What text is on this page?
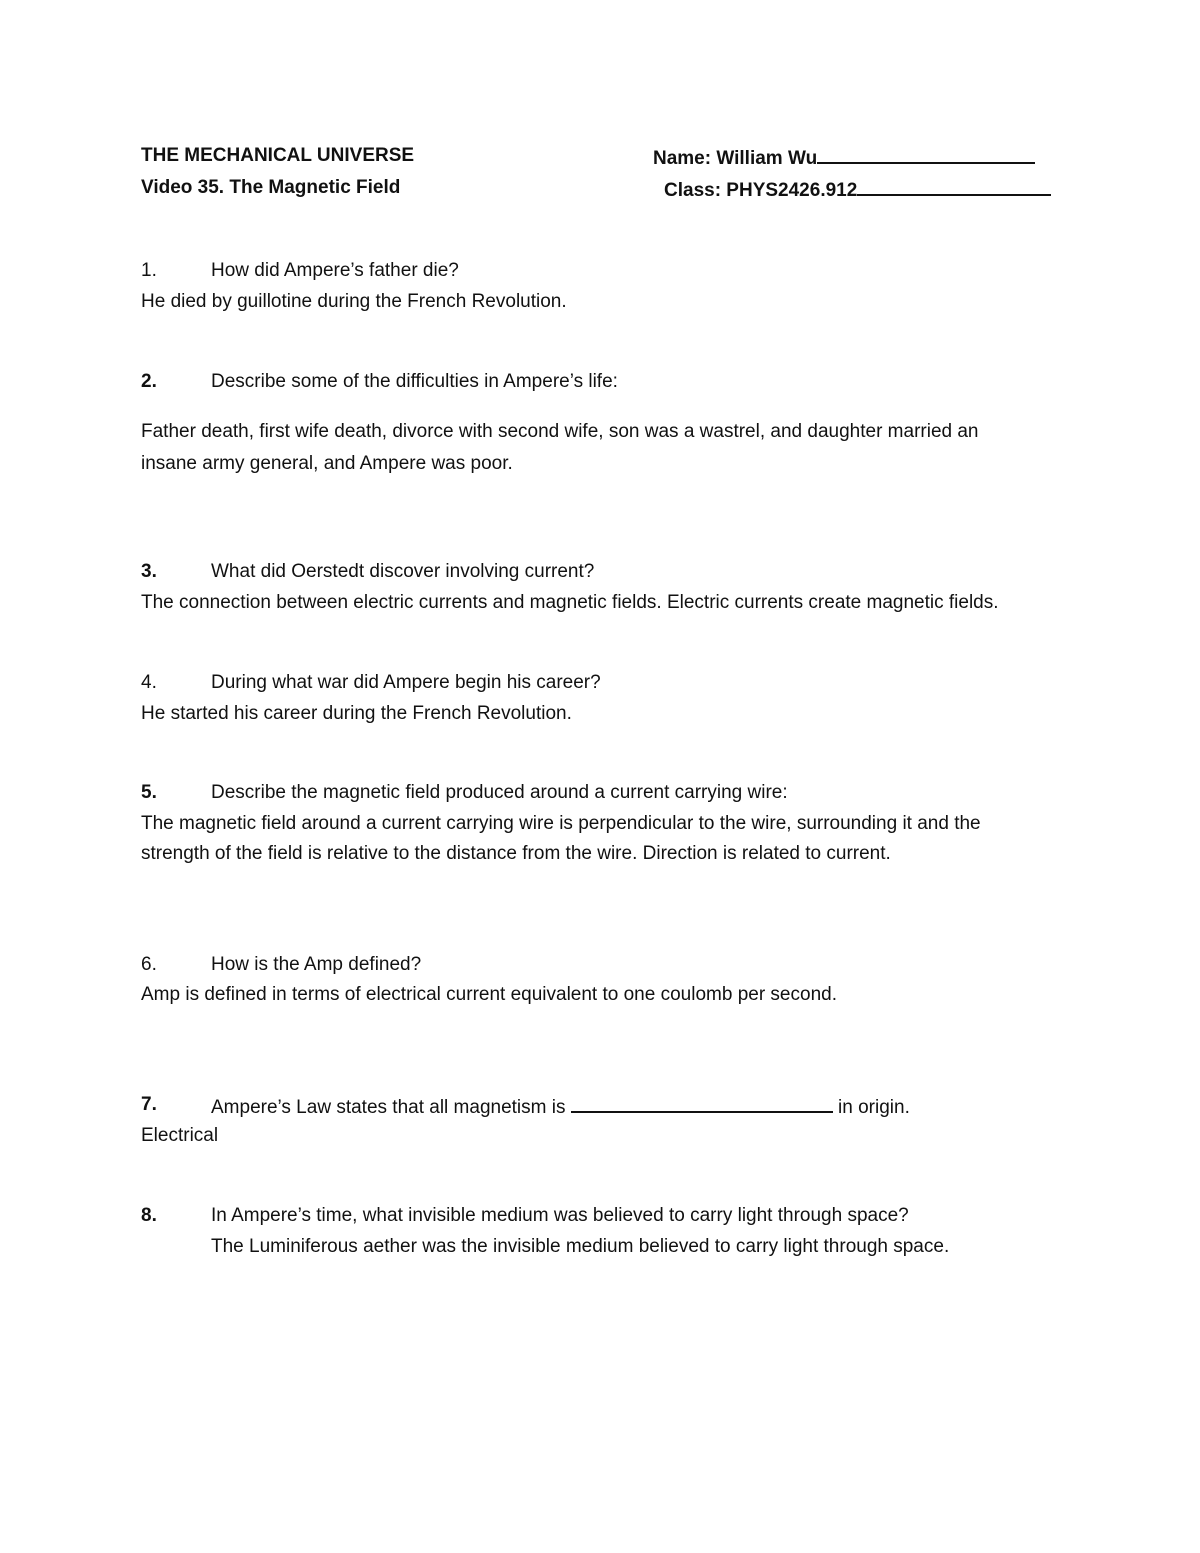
THE MECHANICAL UNIVERSE
Video 35. The Magnetic Field
Name: William Wu
Class: PHYS2426.912
1.	How did Ampere’s father die?
He died by guillotine during the French Revolution.
2.	Describe some of the difficulties in Ampere’s life:
Father death, first wife death, divorce with second wife, son was a wastrel, and daughter married an
insane army general, and Ampere was poor.
3.	What did Oerstedt discover involving current?
The connection between electric currents and magnetic fields. Electric currents create magnetic fields.
4.	During what war did Ampere begin his career?
He started his career during the French Revolution.
5.	Describe the magnetic field produced around a current carrying wire:
The magnetic field around a current carrying wire is perpendicular to the wire, surrounding it and the
strength of the field is relative to the distance from the wire. Direction is related to current.
6.	How is the Amp defined?
Amp is defined in terms of electrical current equivalent to one coulomb per second.
7.	Ampere’s Law states that all magnetism is	in origin.
Electrical
8.	In Ampere’s time, what invisible medium was believed to carry light through space?
The Luminiferous aether was the invisible medium believed to carry light through space.
